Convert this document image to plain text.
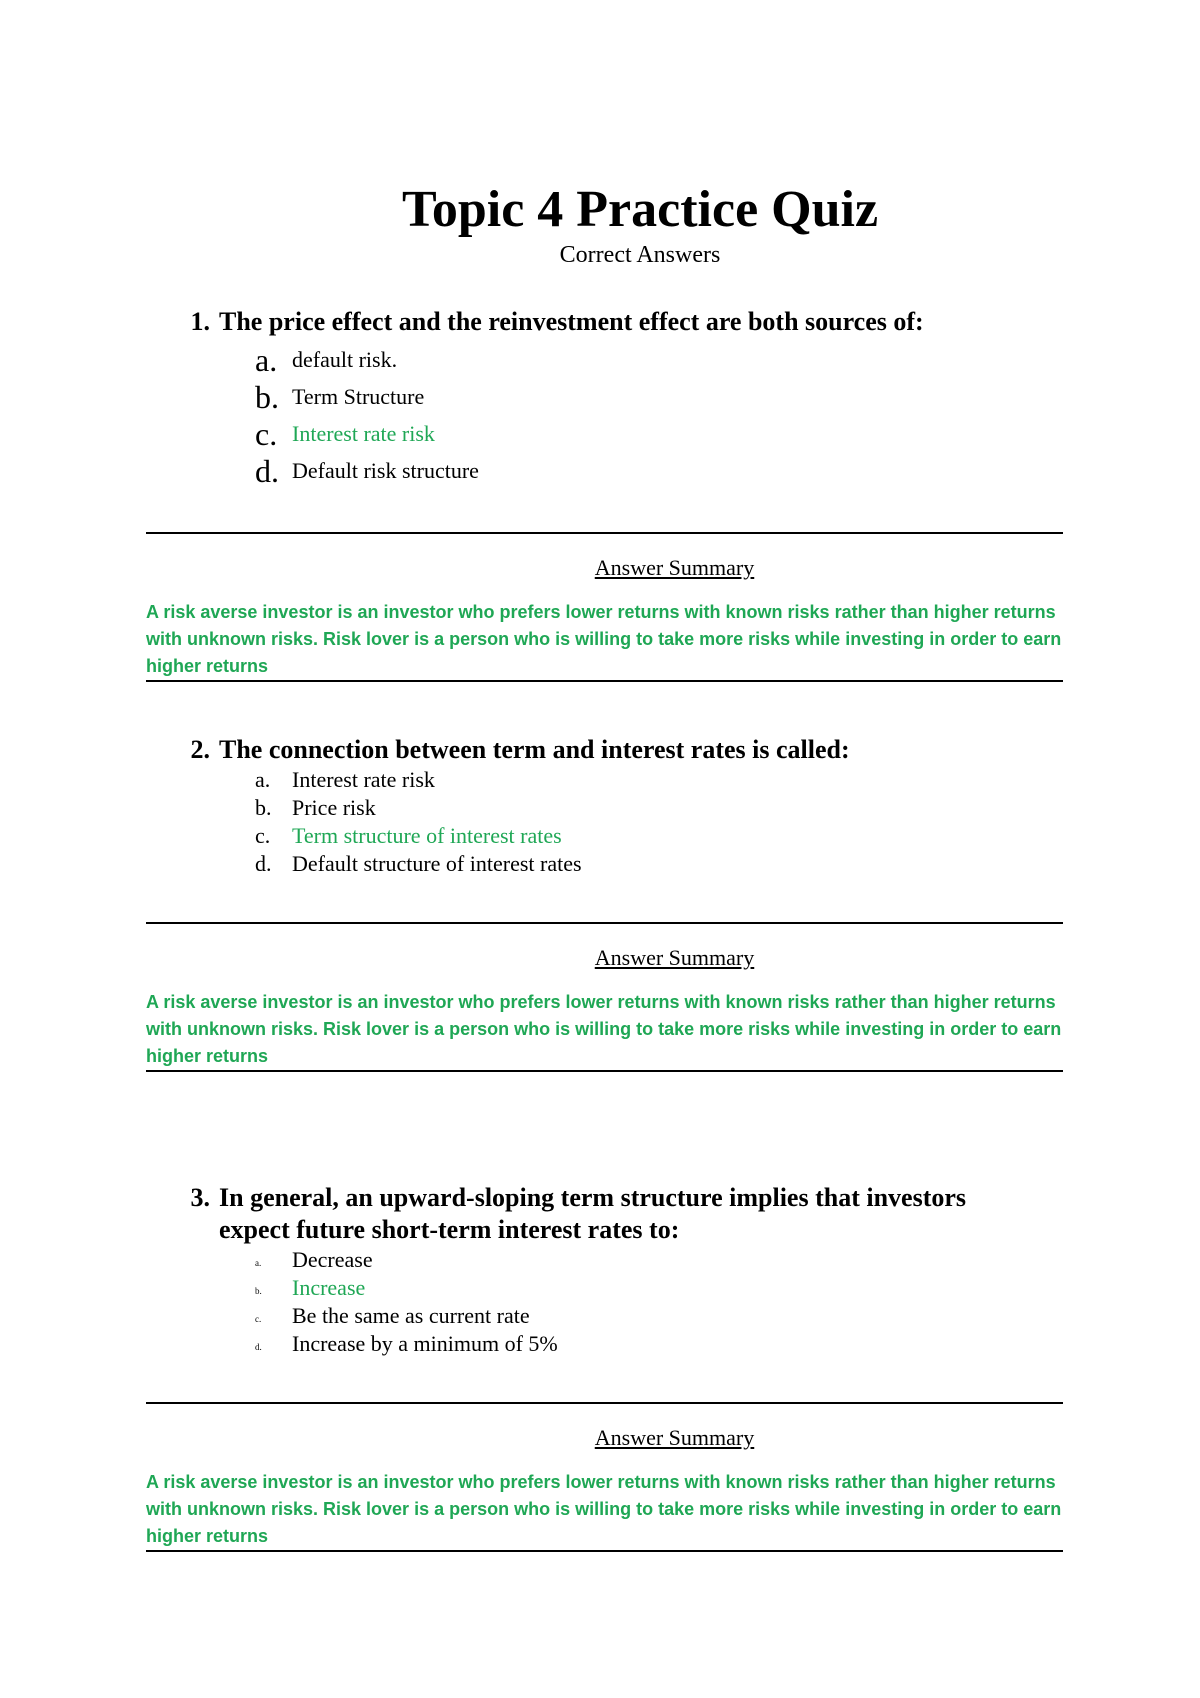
Topic 4 Practice Quiz
Correct Answers
1. The price effect and the reinvestment effect are both sources of:
a. default risk.
b. Term Structure
c. Interest rate risk
d. Default risk structure
Answer Summary
A risk averse investor is an investor who prefers lower returns with known risks rather than higher returns with unknown risks. Risk lover is a person who is willing to take more risks while investing in order to earn higher returns
2. The connection between term and interest rates is called:
a. Interest rate risk
b. Price risk
c. Term structure of interest rates
d. Default structure of interest rates
Answer Summary
A risk averse investor is an investor who prefers lower returns with known risks rather than higher returns with unknown risks. Risk lover is a person who is willing to take more risks while investing in order to earn higher returns
3. In general, an upward-sloping term structure implies that investors
expect future short-term interest rates to:
a.	Decrease
b.	Increase
c.	Be the same as current rate
d.	Increase by a minimum of 5%
Answer Summary
A risk averse investor is an investor who prefers lower returns with known risks rather than higher returns with unknown risks. Risk lover is a person who is willing to take more risks while investing in order to earn higher returns
